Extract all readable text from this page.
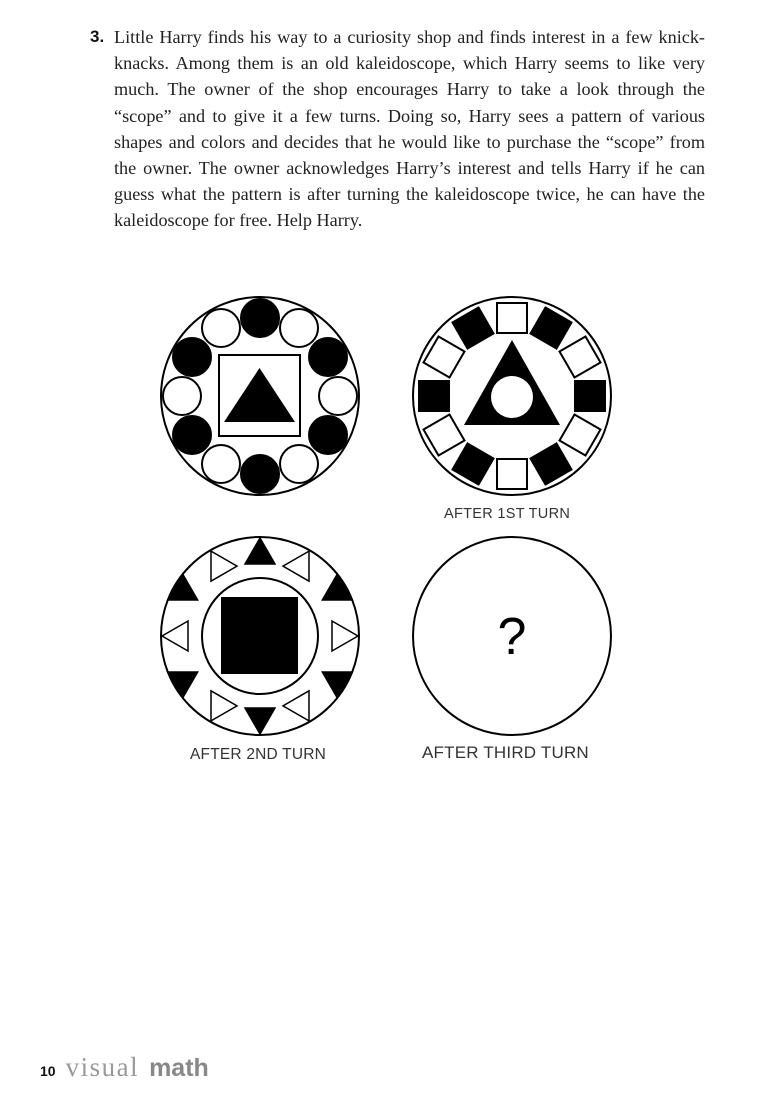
3. Little Harry finds his way to a curiosity shop and finds interest in a few knick-knacks. Among them is an old kaleidoscope, which Harry seems to like very much. The owner of the shop encourages Harry to take a look through the “scope” and to give it a few turns. Doing so, Harry sees a pattern of various shapes and colors and decides that he would like to purchase the “scope” from the owner. The owner acknowledges Harry’s interest and tells Harry if he can guess what the pattern is after turning the kaleidoscope twice, he can have the kaleidoscope for free. Help Harry.
?
AFTER 1ST TURN
AFTER 2ND TURN	AFTER THIRD TURN
10 visual math
